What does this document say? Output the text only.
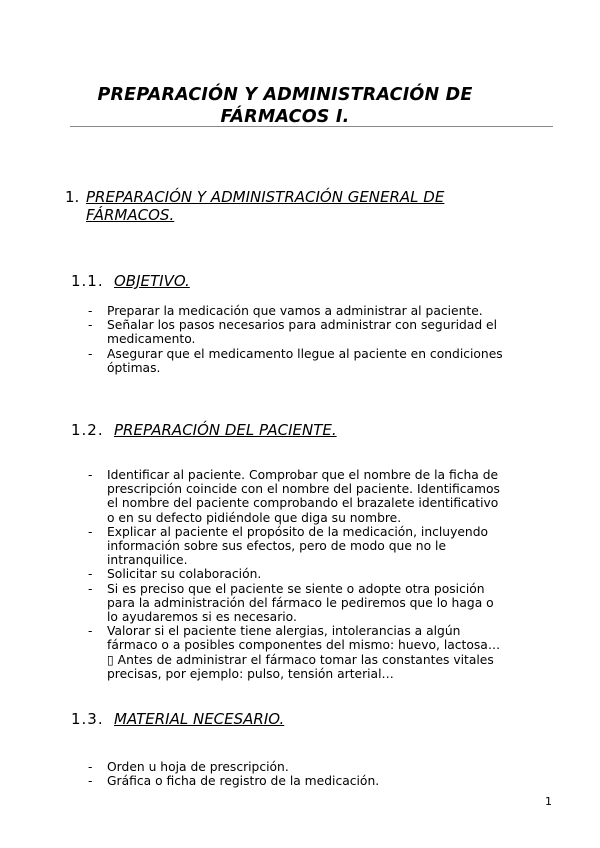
PREPARACIÓN Y ADMINISTRACIÓN DE FÁRMACOS I.
1. PREPARACIÓN Y ADMINISTRACIÓN GENERAL DE FÁRMACOS.
1.1. OBJETIVO.
- Preparar la medicación que vamos a administrar al paciente.
- Señalar los pasos necesarios para administrar con seguridad el medicamento.
- Asegurar que el medicamento llegue al paciente en condiciones óptimas.
1.2. PREPARACIÓN DEL PACIENTE.
- Identificar al paciente. Comprobar que el nombre de la ficha de prescripción coincide con el nombre del paciente. Identificamos el nombre del paciente comprobando el brazalete identificativo o en su defecto pidiéndole que diga su nombre.
- Explicar al paciente el propósito de la medicación, incluyendo información sobre sus efectos, pero de modo que no le intranquilice.
- Solicitar su colaboración.
- Si es preciso que el paciente se siente o adopte otra posición para la administración del fármaco le pediremos que lo haga o lo ayudaremos si es necesario.
- Valorar si el paciente tiene alergias, intolerancias a algún fármaco o a posibles componentes del mismo: huevo, lactosa… ▯ Antes de administrar el fármaco tomar las constantes vitales precisas, por ejemplo: pulso, tensión arterial…
1.3. MATERIAL NECESARIO.
- Orden u hoja de prescripción.
- Gráfica o ficha de registro de la medicación.
1
